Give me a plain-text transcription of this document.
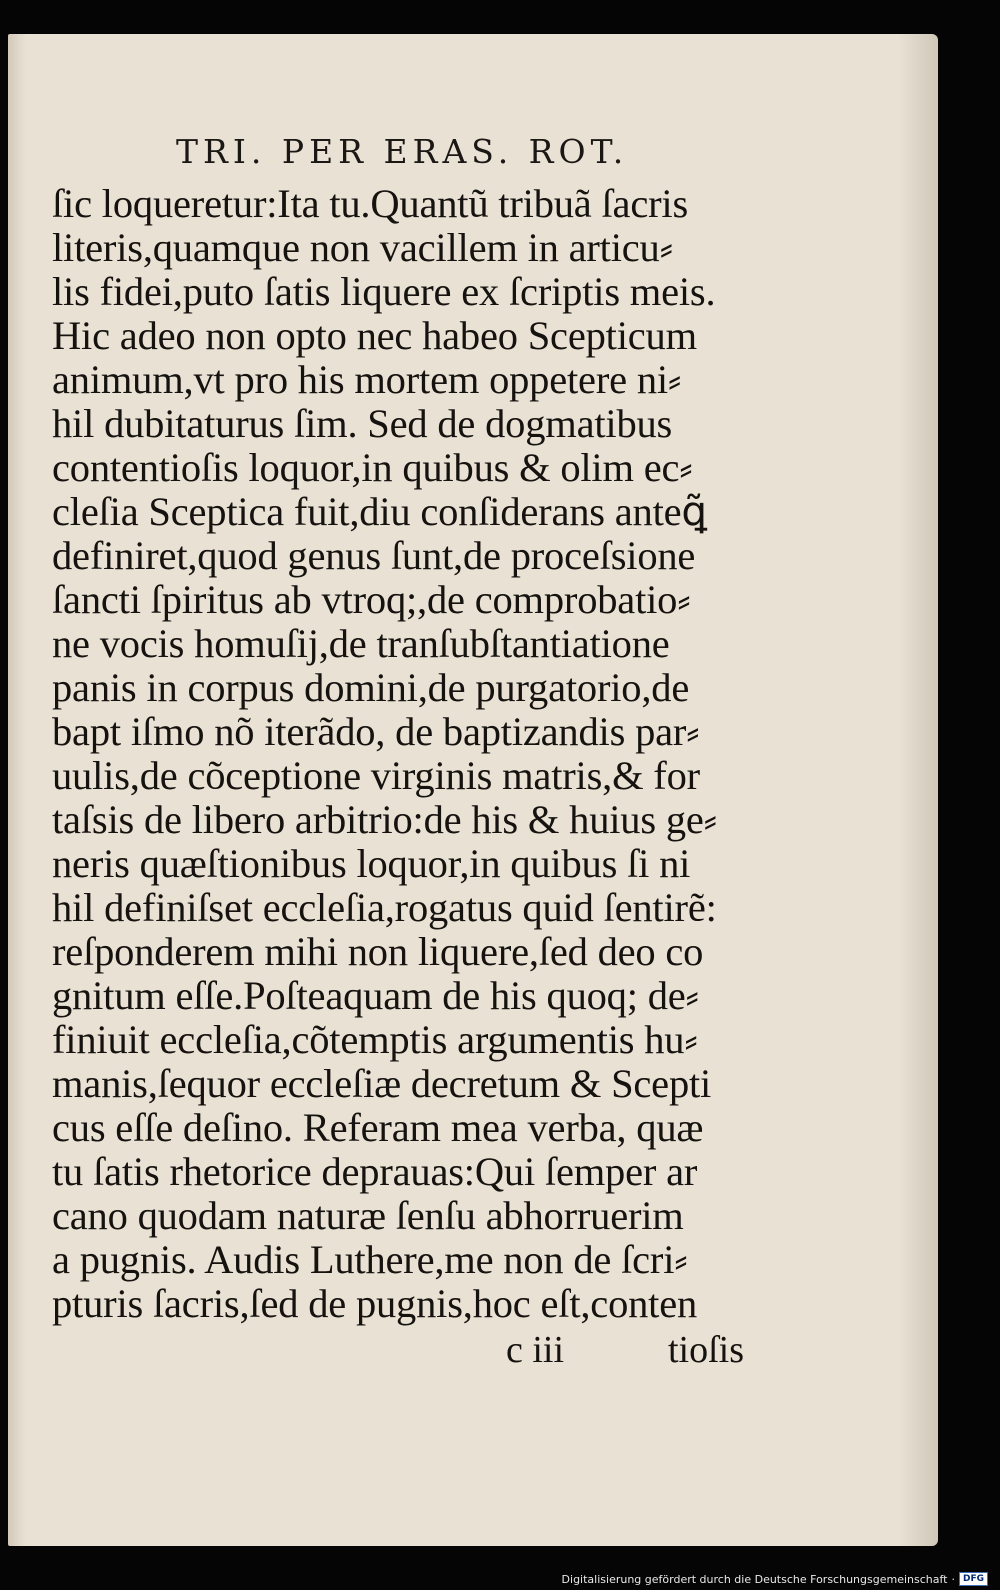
TRI. PER ERAS. ROT.
ſic loqueretur:Ita tu.Quantũ tribuã ſacris
literis,quamque non vacillem in articu⸗
lis fidei,puto ſatis liquere ex ſcriptis meis.
Hic adeo non opto nec habeo Scepticum
animum,vt pro his mortem oppetere ni⸗
hil dubitaturus ſim. Sed de dogmatibus
contentioſis loquor,in quibus & olim ec⸗
cleſia Sceptica fuit,diu conſiderans anteꝗ̃
definiret,quod genus ſunt,de proceſsione
ſancti ſpiritus ab vtroq;,de comprobatio⸗
ne vocis homuſij,de tranſubſtantiatione
panis in corpus domini,de purgatorio,de
bapt iſmo nõ iterãdo, de baptizandis par⸗
uulis,de cõceptione virginis matris,& for
taſsis de libero arbitrio:de his & huius ge⸗
neris quæſtionibus loquor,in quibus ſi ni
hil definiſset eccleſia,rogatus quid ſentirẽ:
reſponderem mihi non liquere,ſed deo co
gnitum eſſe.Poſteaquam de his quoq; de⸗
finiuit eccleſia,cõtemptis argumentis hu⸗
manis,ſequor eccleſiæ decretum & Scepti
cus eſſe deſino. Referam mea verba, quæ
tu ſatis rhetorice deprauas:Qui ſemper ar
cano quodam naturæ ſenſu abhorruerim
a pugnis. Audis Luthere,me non de ſcri⸗
pturis ſacris,ſed de pugnis,hoc eſt,conten
c iii	tioſis
Digitalisierung gefördert durch die Deutsche Forschungsgemeinschaft · DFG
